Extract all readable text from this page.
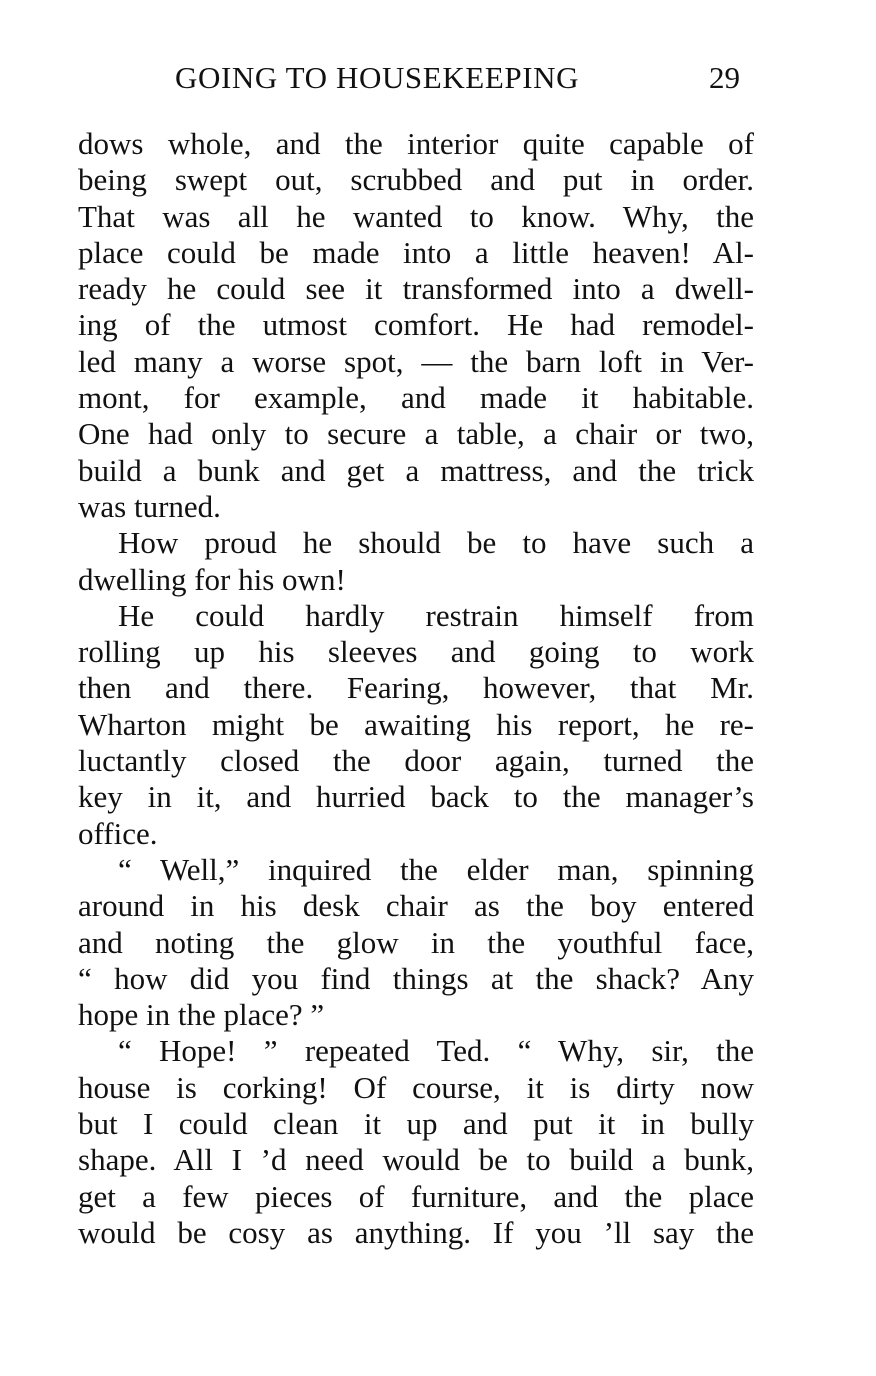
GOING TO HOUSEKEEPING	29
dows whole, and the interior quite capable of
being swept out, scrubbed and put in order.
That was all he wanted to know. Why, the
place could be made into a little heaven! Al-
ready he could see it transformed into a dwell-
ing of the utmost comfort. He had remodel-
led many a worse spot, — the barn loft in Ver-
mont, for example, and made it habitable.
One had only to secure a table, a chair or two,
build a bunk and get a mattress, and the trick
was turned.
How proud he should be to have such a
dwelling for his own!
He could hardly restrain himself from
rolling up his sleeves and going to work
then and there. Fearing, however, that Mr.
Wharton might be awaiting his report, he re-
luctantly closed the door again, turned the
key in it, and hurried back to the manager’s
office.
“ Well,” inquired the elder man, spinning
around in his desk chair as the boy entered
and noting the glow in the youthful face,
“ how did you find things at the shack? Any
hope in the place? ”
“ Hope! ” repeated Ted. “ Why, sir, the
house is corking! Of course, it is dirty now
but I could clean it up and put it in bully
shape. All I ’d need would be to build a bunk,
get a few pieces of furniture, and the place
would be cosy as anything. If you ’ll say the
